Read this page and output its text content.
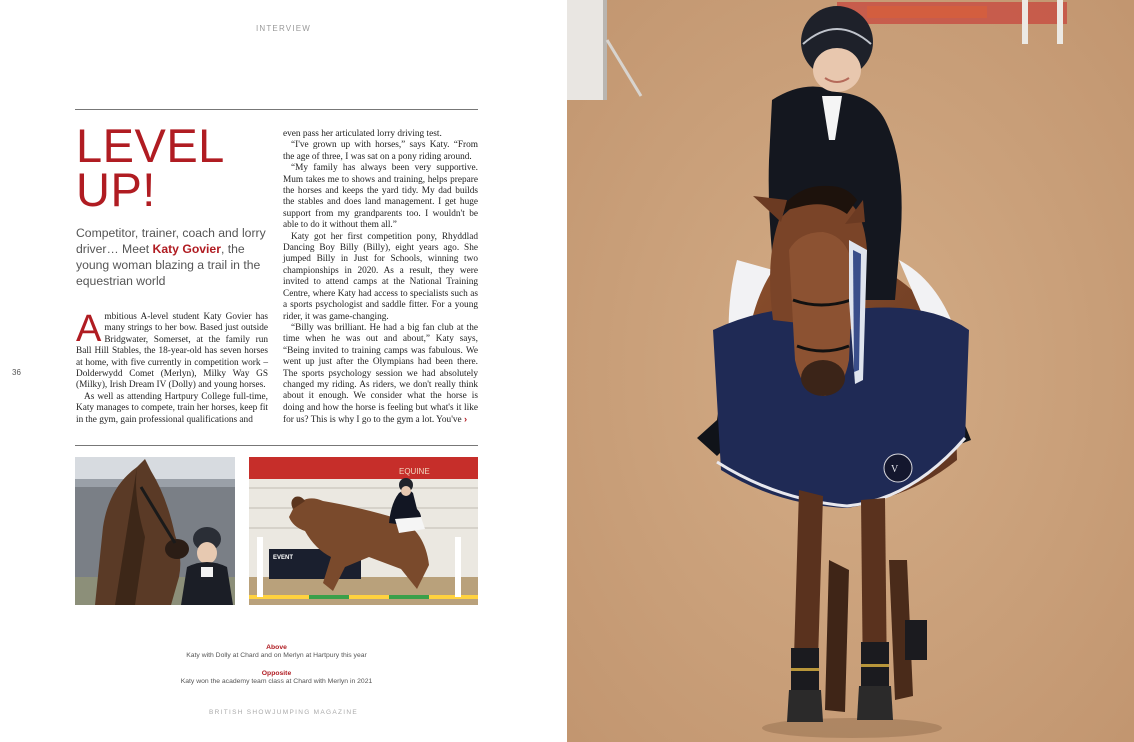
INTERVIEW
LEVEL
UP!
Competitor, trainer, coach and lorry driver… Meet Katy Govier, the young woman blazing a trail in the equestrian world
A mbitious A-level student Katy Govier has many strings to her bow. Based just outside Bridgwater, Somerset, at the family run Ball Hill Stables, the 18-year-old has seven horses at home, with five currently in competition work – Dolderwydd Comet (Merlyn), Milky Way GS (Milky), Irish Dream IV (Dolly) and young horses.

As well as attending Hartpury College full-time, Katy manages to compete, train her horses, keep fit in the gym, gain professional qualifications and

even pass her articulated lorry driving test.

“I've grown up with horses,” says Katy. “From the age of three, I was sat on a pony riding around.

“My family has always been very supportive. Mum takes me to shows and training, helps prepare the horses and keeps the yard tidy. My dad builds the stables and does land management. I get huge support from my grandparents too. I wouldn't be able to do it without them all.”

Katy got her first competition pony, Rhyddlad Dancing Boy Billy (Billy), eight years ago. She jumped Billy in Just for Schools, winning two championships in 2020. As a result, they were invited to attend camps at the National Training Centre, where Katy had access to specialists such as a sports psychologist and saddle fitter. For a young rider, it was game-changing.

“Billy was brilliant. He had a big fan club at the time when he was out and about,” Katy says, “Being invited to training camps was fabulous. We went up just after the Olympians had been there. The sports psychology session we had absolutely changed my riding. As riders, we don't really think about it enough. We consider what the horse is doing and how the horse is feeling but what's it like for us? This is why I go to the gym a lot. You've ›

36
EQUINE
EVENT
Above
Katy with Dolly at Chard and on Merlyn at Hartpury this year
Opposite
Katy won the academy team class at Chard with Merlyn in 2021
BRITISH SHOWJUMPING MAGAZINE
V
